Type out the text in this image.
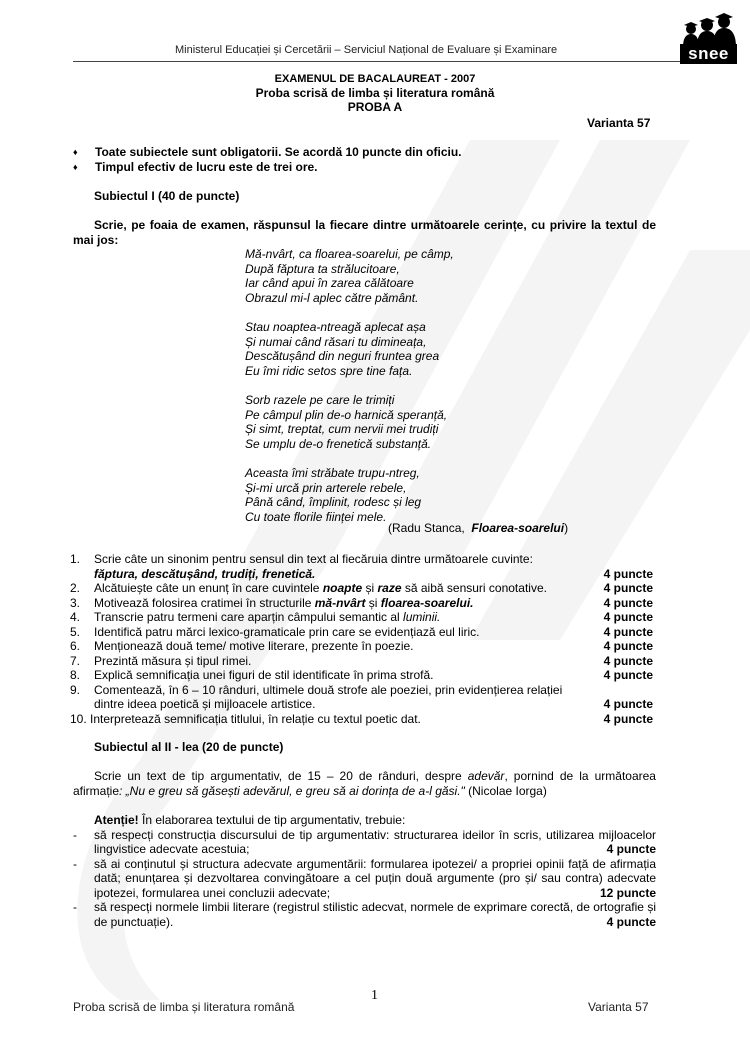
Ministerul Educației și Cercetării – Serviciul Național de Evaluare și Examinare	snee
EXAMENUL DE BACALAUREAT - 2007
Proba scrisă de limba și literatura română
PROBA A
Varianta 57
♦ Toate subiectele sunt obligatorii. Se acordă 10 puncte din oficiu.
♦ Timpul efectiv de lucru este de trei ore.
Subiectul I (40 de puncte)
Scrie, pe foaia de examen, răspunsul la fiecare dintre următoarele cerințe, cu privire la textul de mai jos:
Mă-nvârt, ca floarea-soarelui, pe câmp,
După făptura ta strălucitoare,
Iar când apui în zarea călătoare
Obrazul mi-l aplec către pământ.
Stau noaptea-ntreagă aplecat așa
Și numai când răsari tu dimineața,
Descătușând din neguri fruntea grea
Eu îmi ridic setos spre tine fața.
Sorb razele pe care le trimiți
Pe câmpul plin de-o harnică speranță,
Și simt, treptat, cum nervii mei trudiți
Se umplu de-o frenetică substanță.
Aceasta îmi străbate trupu-ntreg,
Și-mi urcă prin arterele rebele,
Până când, împlinit, rodesc și leg
Cu toate florile ființei mele.
(Radu Stanca, Floarea-soarelui)
1.	Scrie câte un sinonim pentru sensul din text al fiecăruia dintre următoarele cuvinte:
făptura, descătușând, trudiți, frenetică.	4 puncte
2.	Alcătuiește câte un enunț în care cuvintele noapte și raze să aibă sensuri conotative.	4 puncte
3.	Motivează folosirea cratimei în structurile mă-nvârt și floarea-soarelui.	4 puncte
4.	Transcrie patru termeni care aparțin câmpului semantic al luminii.	4 puncte
5.	Identifică patru mărci lexico-gramaticale prin care se evidențiază eul liric.	4 puncte
6.	Menționează două teme/ motive literare, prezente în poezie.	4 puncte
7.	Prezintă măsura și tipul rimei.	4 puncte
8.	Explică semnificația unei figuri de stil identificate în prima strofă.	4 puncte
9.	Comentează, în 6 – 10 rânduri, ultimele două strofe ale poeziei, prin evidențierea relației
dintre ideea poetică și mijloacele artistice.	4 puncte
10. Interpretează semnificația titlului, în relație cu textul poetic dat.	4 puncte
Subiectul al II - lea (20 de puncte)
Scrie un text de tip argumentativ, de 15 – 20 de rânduri, despre adevăr, pornind de la următoarea afirmație: „Nu e greu să găsești adevărul, e greu să ai dorința de a-l găsi." (Nicolae Iorga)
Atenție! În elaborarea textului de tip argumentativ, trebuie:
- să respecți construcția discursului de tip argumentativ: structurarea ideilor în scris, utilizarea mijloacelor lingvistice adecvate acestuia;	4 puncte
- să ai conținutul și structura adecvate argumentării: formularea ipotezei/ a propriei opinii față de afirmația dată; enunțarea și dezvoltarea convingătoare a cel puțin două argumente (pro și/ sau contra) adecvate ipotezei, formularea unei concluzii adecvate;	12 puncte
- să respecți normele limbii literare (registrul stilistic adecvat, normele de exprimare corectă, de ortografie și de punctuație).	4 puncte
1
Proba scrisă de limba și literatura română	Varianta 57
